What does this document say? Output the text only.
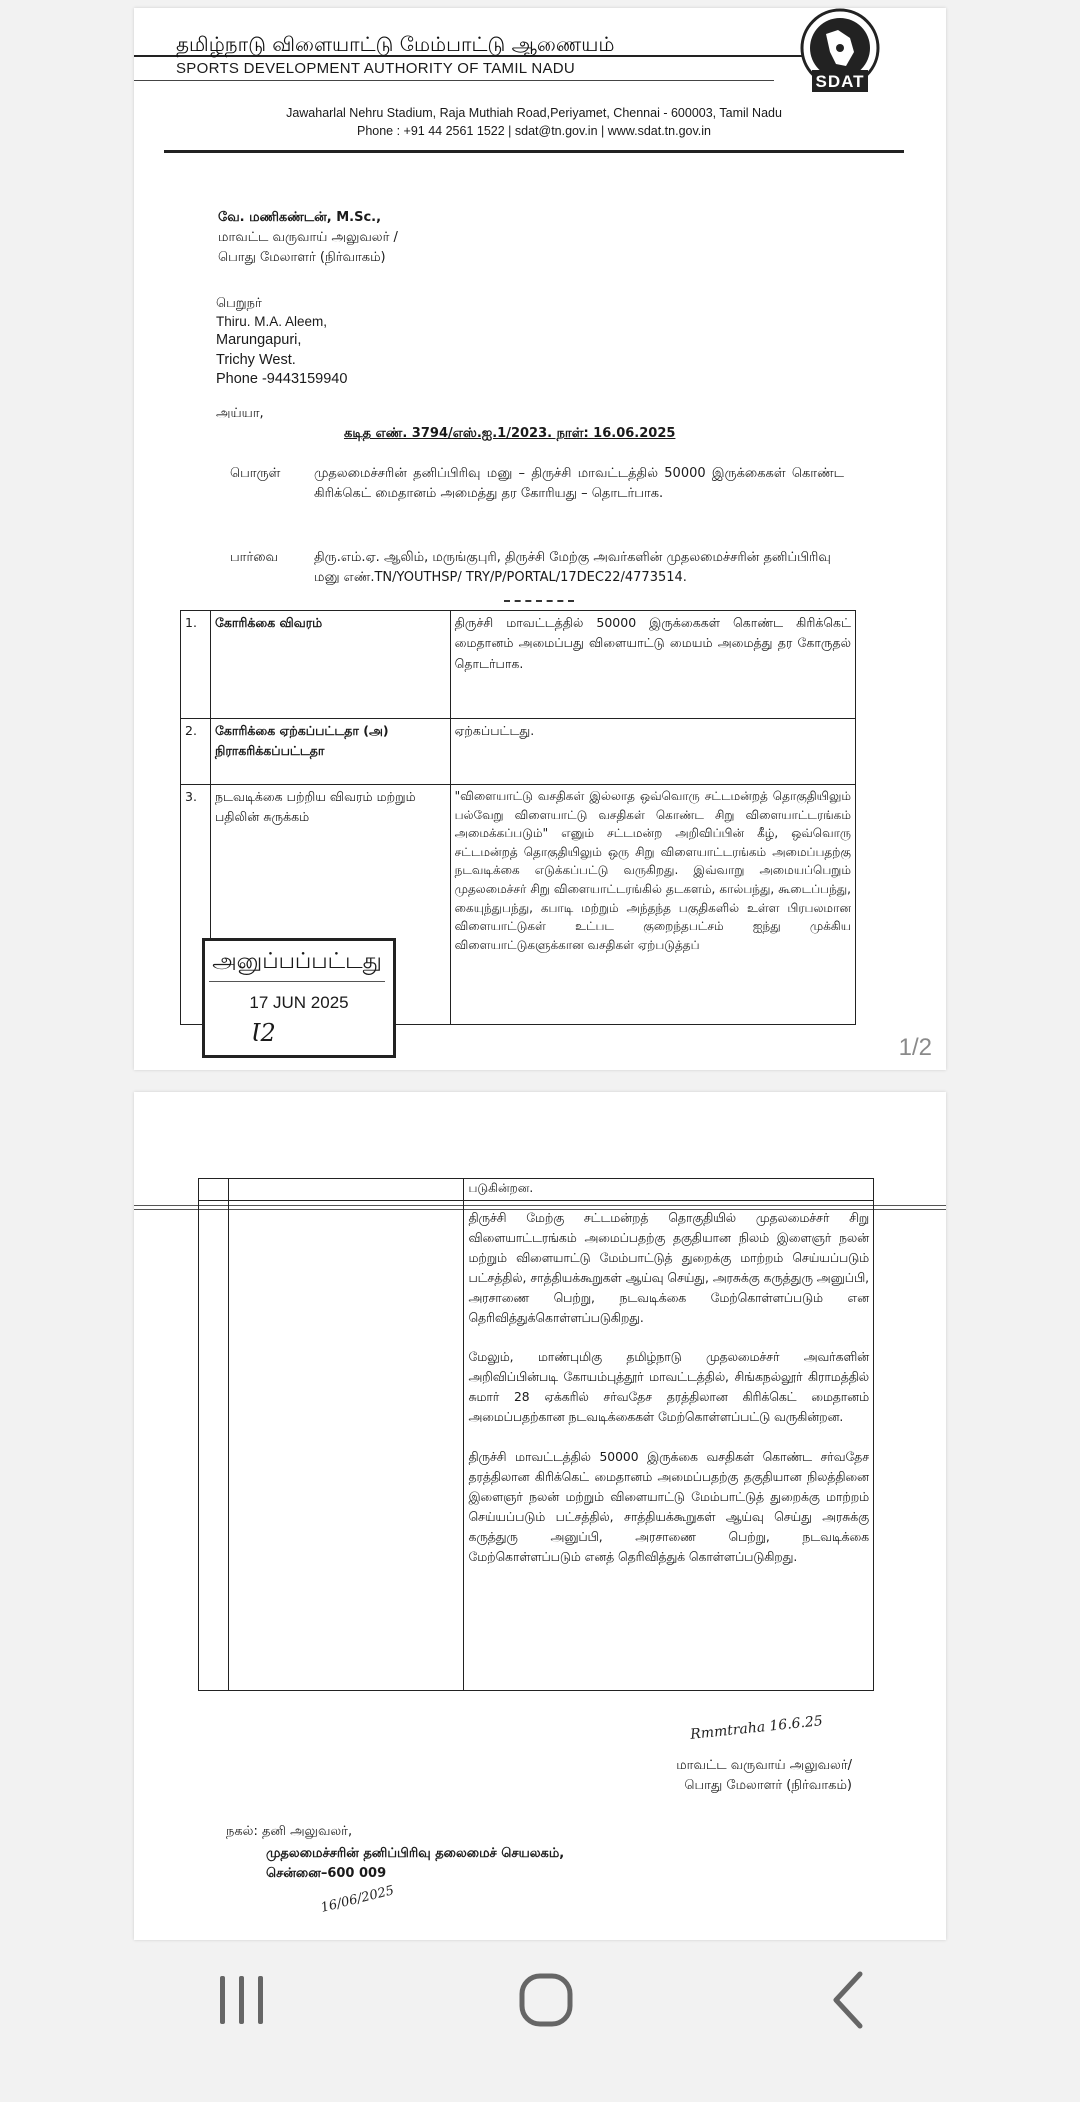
தமிழ்நாடு விளையாட்டு மேம்பாட்டு ஆணையம்
SPORTS DEVELOPMENT AUTHORITY OF TAMIL NADU
SDAT
Jawaharlal Nehru Stadium, Raja Muthiah Road,Periyamet, Chennai - 600003, Tamil Nadu
Phone : +91 44 2561 1522 | sdat@tn.gov.in | www.sdat.tn.gov.in
வே. மணிகண்டன், M.Sc.,
மாவட்ட வருவாய் அலுவலர் /
பொது மேலாளர் (நிர்வாகம்)
பெறுநர்
Thiru. M.A. Aleem,
Marungapuri,
Trichy West.
Phone -9443159940
அய்யா,
கடித எண். 3794/எஸ்.ஐ.1/2023. நாள்: 16.06.2025
பொருள்	முதலமைச்சரின் தனிப்பிரிவு மனு – திருச்சி மாவட்டத்தில் 50000 இருக்கைகள் கொண்ட கிரிக்கெட் மைதானம் அமைத்து தர கோரியது – தொடர்பாக.
பார்வை	திரு.எம்.ஏ. ஆலிம், மருங்குபுரி, திருச்சி மேற்கு அவர்களின் முதலமைச்சரின் தனிப்பிரிவு மனு எண்.TN/YOUTHSP/ TRY/P/PORTAL/17DEC22/4773514.
1.	கோரிக்கை விவரம்	திருச்சி மாவட்டத்தில் 50000 இருக்கைகள் கொண்ட கிரிக்கெட் மைதானம் அமைப்பது விளையாட்டு மையம் அமைத்து தர கோருதல் தொடர்பாக.
2.	கோரிக்கை ஏற்கப்பட்டதா (அ) நிராகரிக்கப்பட்டதா	ஏற்கப்பட்டது.
3.	நடவடிக்கை பற்றிய விவரம் மற்றும் பதிலின் சுருக்கம்	"விளையாட்டு வசதிகள் இல்லாத ஒவ்வொரு சட்டமன்றத் தொகுதியிலும் பல்வேறு விளையாட்டு வசதிகள் கொண்ட சிறு விளையாட்டரங்கம் அமைக்கப்படும்" எனும் சட்டமன்ற அறிவிப்பின் கீழ், ஒவ்வொரு சட்டமன்றத் தொகுதியிலும் ஒரு சிறு விளையாட்டரங்கம் அமைப்பதற்கு நடவடிக்கை எடுக்கப்பட்டு வருகிறது. இவ்வாறு அமையப்பெறும் முதலமைச்சர் சிறு விளையாட்டரங்கில் தடகளம், கால்பந்து, கூடைப்பந்து, கையுந்துபந்து, கபாடி மற்றும் அந்தந்த பகுதிகளில் உள்ள பிரபலமான விளையாட்டுகள் உட்பட குறைந்தபட்சம் ஐந்து முக்கிய விளையாட்டுகளுக்கான வசதிகள் ஏற்படுத்தப்
அனுப்பப்பட்டது
17 JUN 2025
Ɩ2
1/2
		படுகின்றன.

		திருச்சி மேற்கு சட்டமன்றத் தொகுதியில் முதலமைச்சர் சிறு விளையாட்டரங்கம் அமைப்பதற்கு தகுதியான நிலம் இளைஞர் நலன் மற்றும் விளையாட்டு மேம்பாட்டுத் துறைக்கு மாற்றம் செய்யப்படும் பட்சத்தில், சாத்தியக்கூறுகள் ஆய்வு செய்து, அரசுக்கு கருத்துரு அனுப்பி, அரசாணை பெற்று, நடவடிக்கை மேற்கொள்ளப்படும் என தெரிவித்துக்கொள்ளப்படுகிறது.

மேலும், மாண்புமிகு தமிழ்நாடு முதலமைச்சர் அவர்களின் அறிவிப்பின்படி கோயம்புத்தூர் மாவட்டத்தில், சிங்கநல்லூர் கிராமத்தில் சுமார் 28 ஏக்கரில் சர்வதேச தரத்திலான கிரிக்கெட் மைதானம் அமைப்பதற்கான நடவடிக்கைகள் மேற்கொள்ளப்பட்டு வருகின்றன.

திருச்சி மாவட்டத்தில் 50000 இருக்கை வசதிகள் கொண்ட சர்வதேச தரத்திலான கிரிக்கெட் மைதானம் அமைப்பதற்கு தகுதியான நிலத்தினை இளைஞர் நலன் மற்றும் விளையாட்டு மேம்பாட்டுத் துறைக்கு மாற்றம் செய்யப்படும் பட்சத்தில், சாத்தியக்கூறுகள் ஆய்வு செய்து அரசுக்கு கருத்துரு அனுப்பி, அரசாணை பெற்று, நடவடிக்கை மேற்கொள்ளப்படும் எனத் தெரிவித்துக் கொள்ளப்படுகிறது.

Rmmtraha 16.6.25
மாவட்ட வருவாய் அலுவலர்/
பொது மேலாளர் (நிர்வாகம்)
நகல்: தனி அலுவலர்,
முதலமைச்சரின் தனிப்பிரிவு தலைமைச் செயலகம்,
சென்னை–600 009
16/06/2025
